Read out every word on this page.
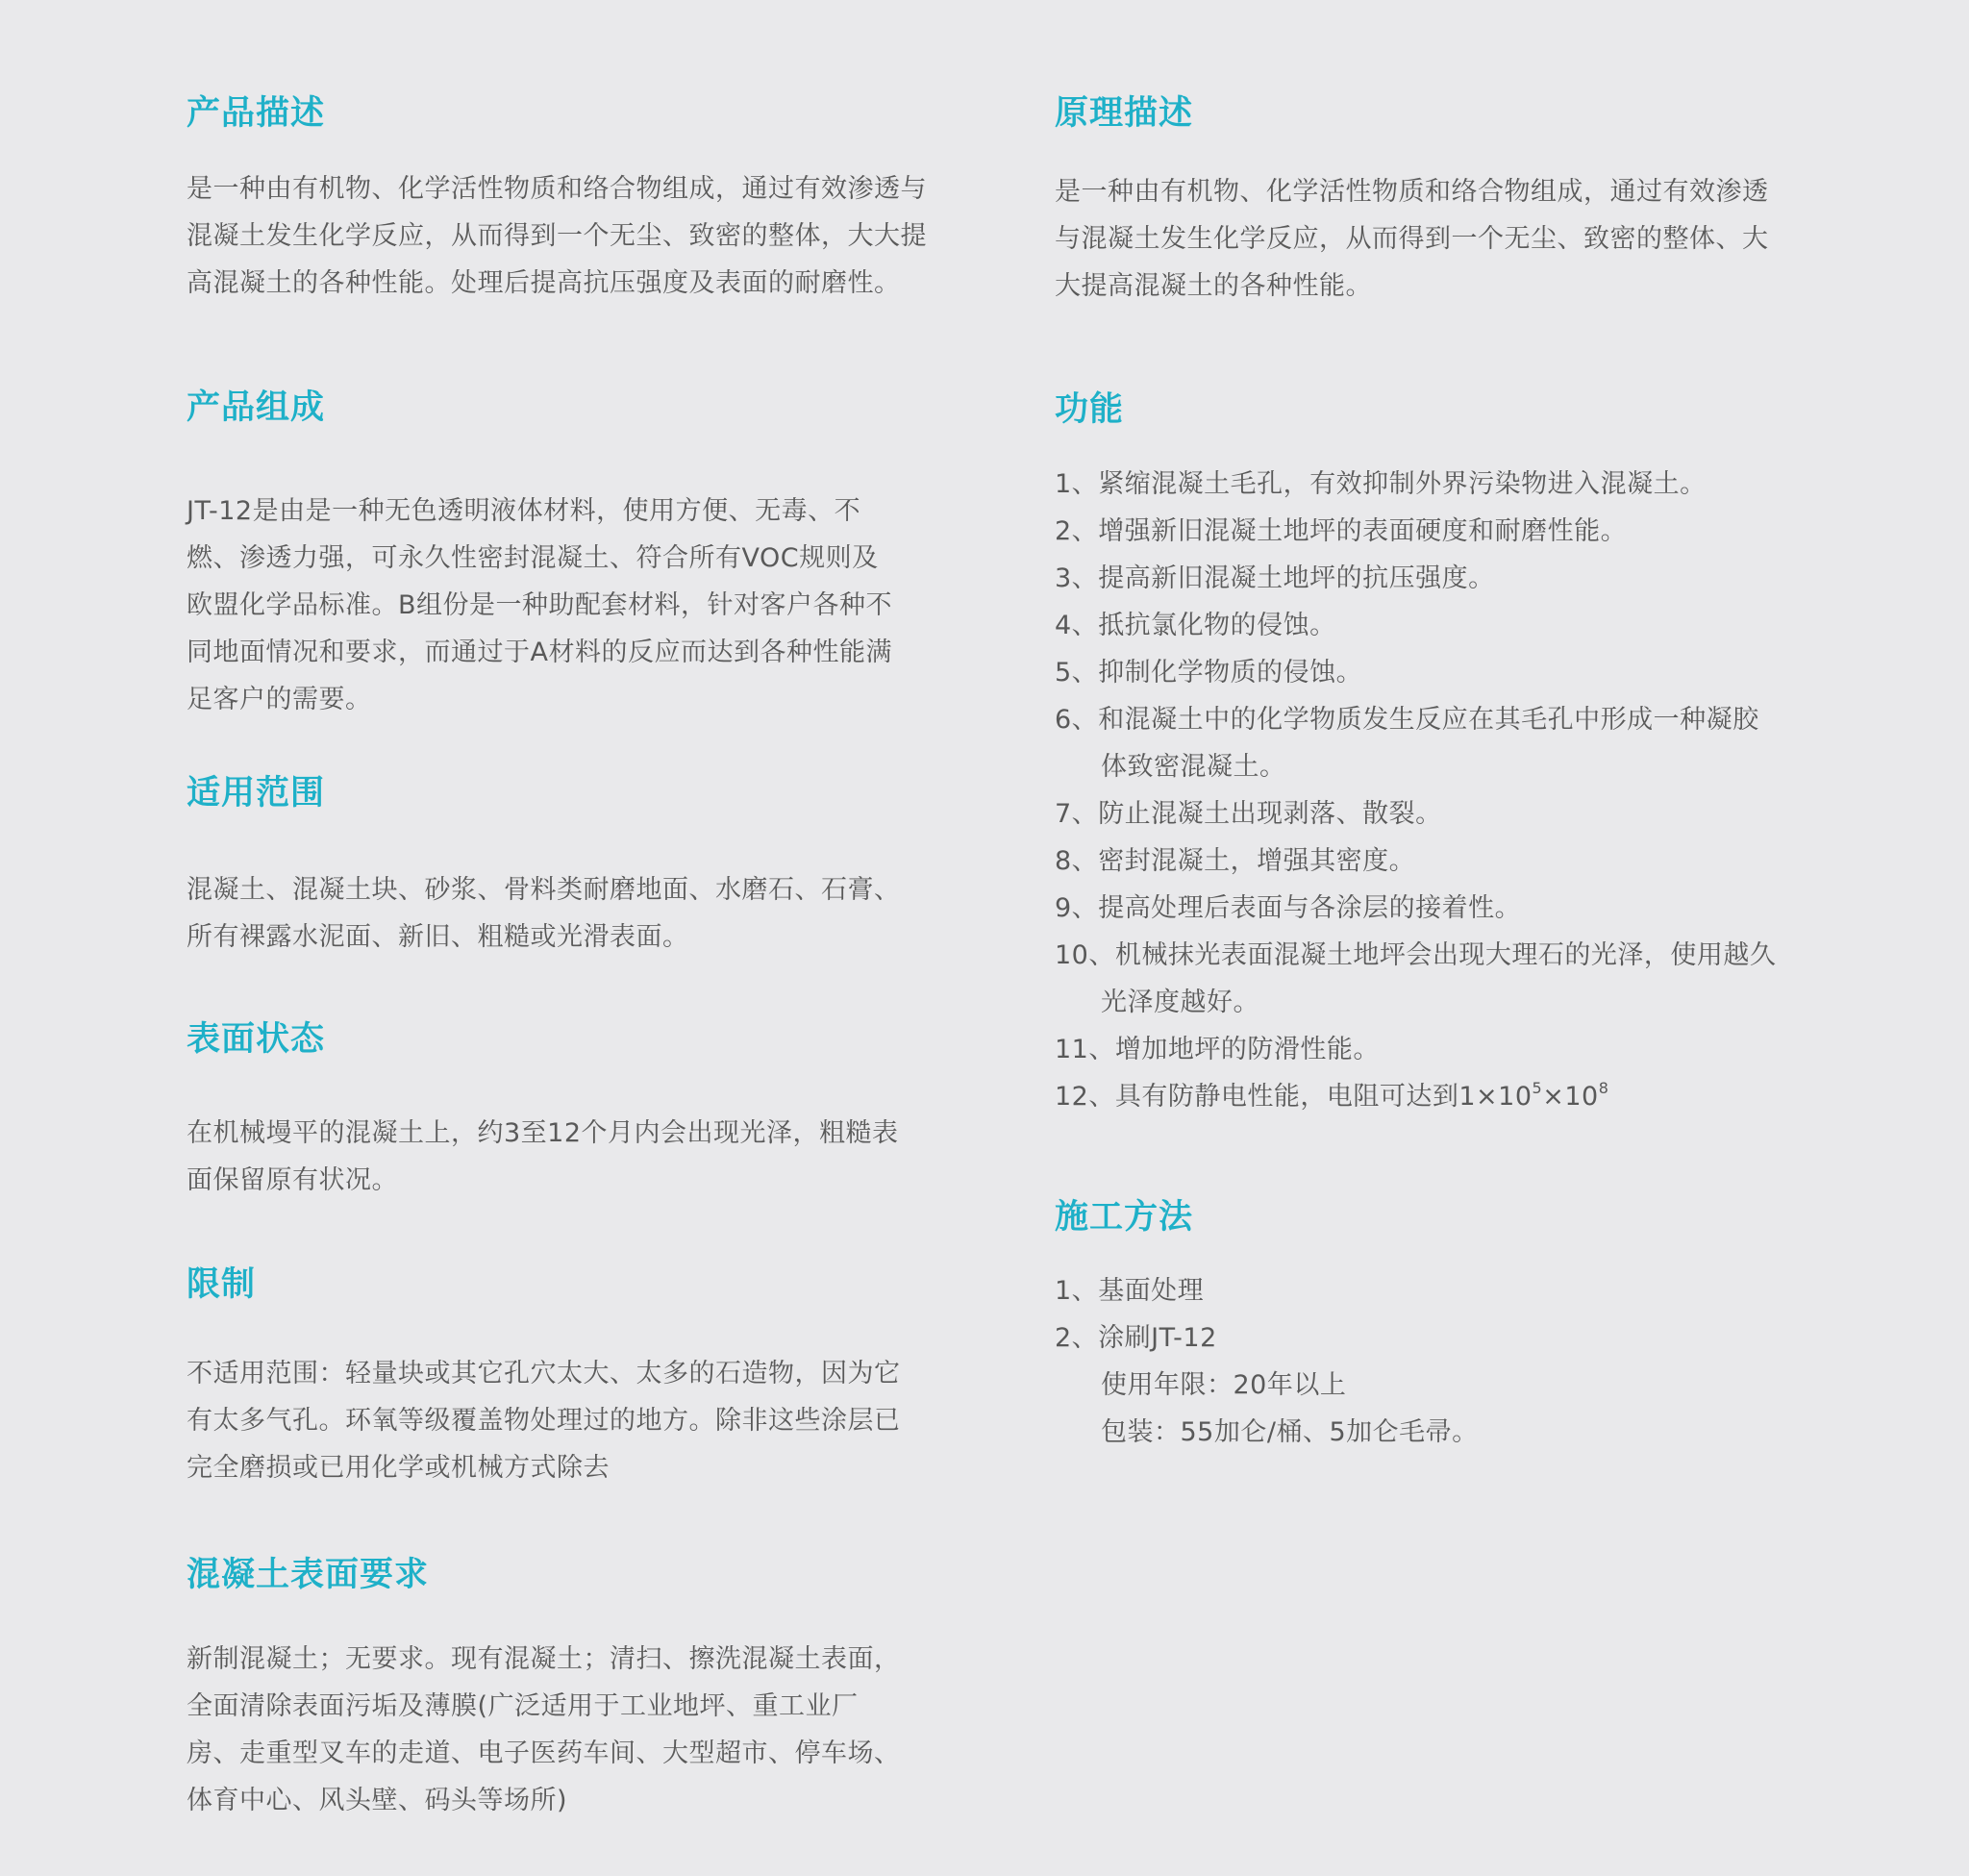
产品描述
是一种由有机物、化学活性物质和络合物组成，通过有效渗透与
混凝土发生化学反应，从而得到一个无尘、致密的整体，大大提
高混凝土的各种性能。处理后提高抗压强度及表面的耐磨性。
产品组成
JT-12是由是一种无色透明液体材料，使用方便、无毒、不
燃、渗透力强，可永久性密封混凝土、符合所有VOC规则及
欧盟化学品标准。B组份是一种助配套材料，针对客户各种不
同地面情况和要求，而通过于A材料的反应而达到各种性能满
足客户的需要。
适用范围
混凝土、混凝土块、砂浆、骨料类耐磨地面、水磨石、石膏、
所有裸露水泥面、新旧、粗糙或光滑表面。
表面状态
在机械墁平的混凝土上，约3至12个月内会出现光泽，粗糙表
面保留原有状况。
限制
不适用范围：轻量块或其它孔穴太大、太多的石造物，因为它
有太多气孔。环氧等级覆盖物处理过的地方。除非这些涂层已
完全磨损或已用化学或机械方式除去
混凝土表面要求
新制混凝土；无要求。现有混凝土；清扫、擦洗混凝土表面，
全面清除表面污垢及薄膜(广泛适用于工业地坪、重工业厂
房、走重型叉车的走道、电子医药车间、大型超市、停车场、
体育中心、风头壁、码头等场所)
原理描述
是一种由有机物、化学活性物质和络合物组成，通过有效渗透
与混凝土发生化学反应，从而得到一个无尘、致密的整体、大
大提高混凝土的各种性能。
功能
1、 紧缩混凝土毛孔，有效抑制外界污染物进入混凝土。
2、 增强新旧混凝土地坪的表面硬度和耐磨性能。
3、 提高新旧混凝土地坪的抗压强度。
4、 抵抗氯化物的侵蚀。
5、 抑制化学物质的侵蚀。
6、 和混凝土中的化学物质发生反应在其毛孔中形成一种凝胶
体致密混凝土。
7、 防止混凝土出现剥落、散裂。
8、 密封混凝土，增强其密度。
9、 提高处理后表面与各涂层的接着性。
10、 机械抹光表面混凝土地坪会出现大理石的光泽，使用越久
光泽度越好。
11、 增加地坪的防滑性能。
12、 具有防静电性能，电阻可达到$1\times 10^5\times 10^8$
施工方法
1、 基面处理
2、 涂刷JT-12
使用年限：20年以上
包装：55加仑/桶、5加仑毛帚。
